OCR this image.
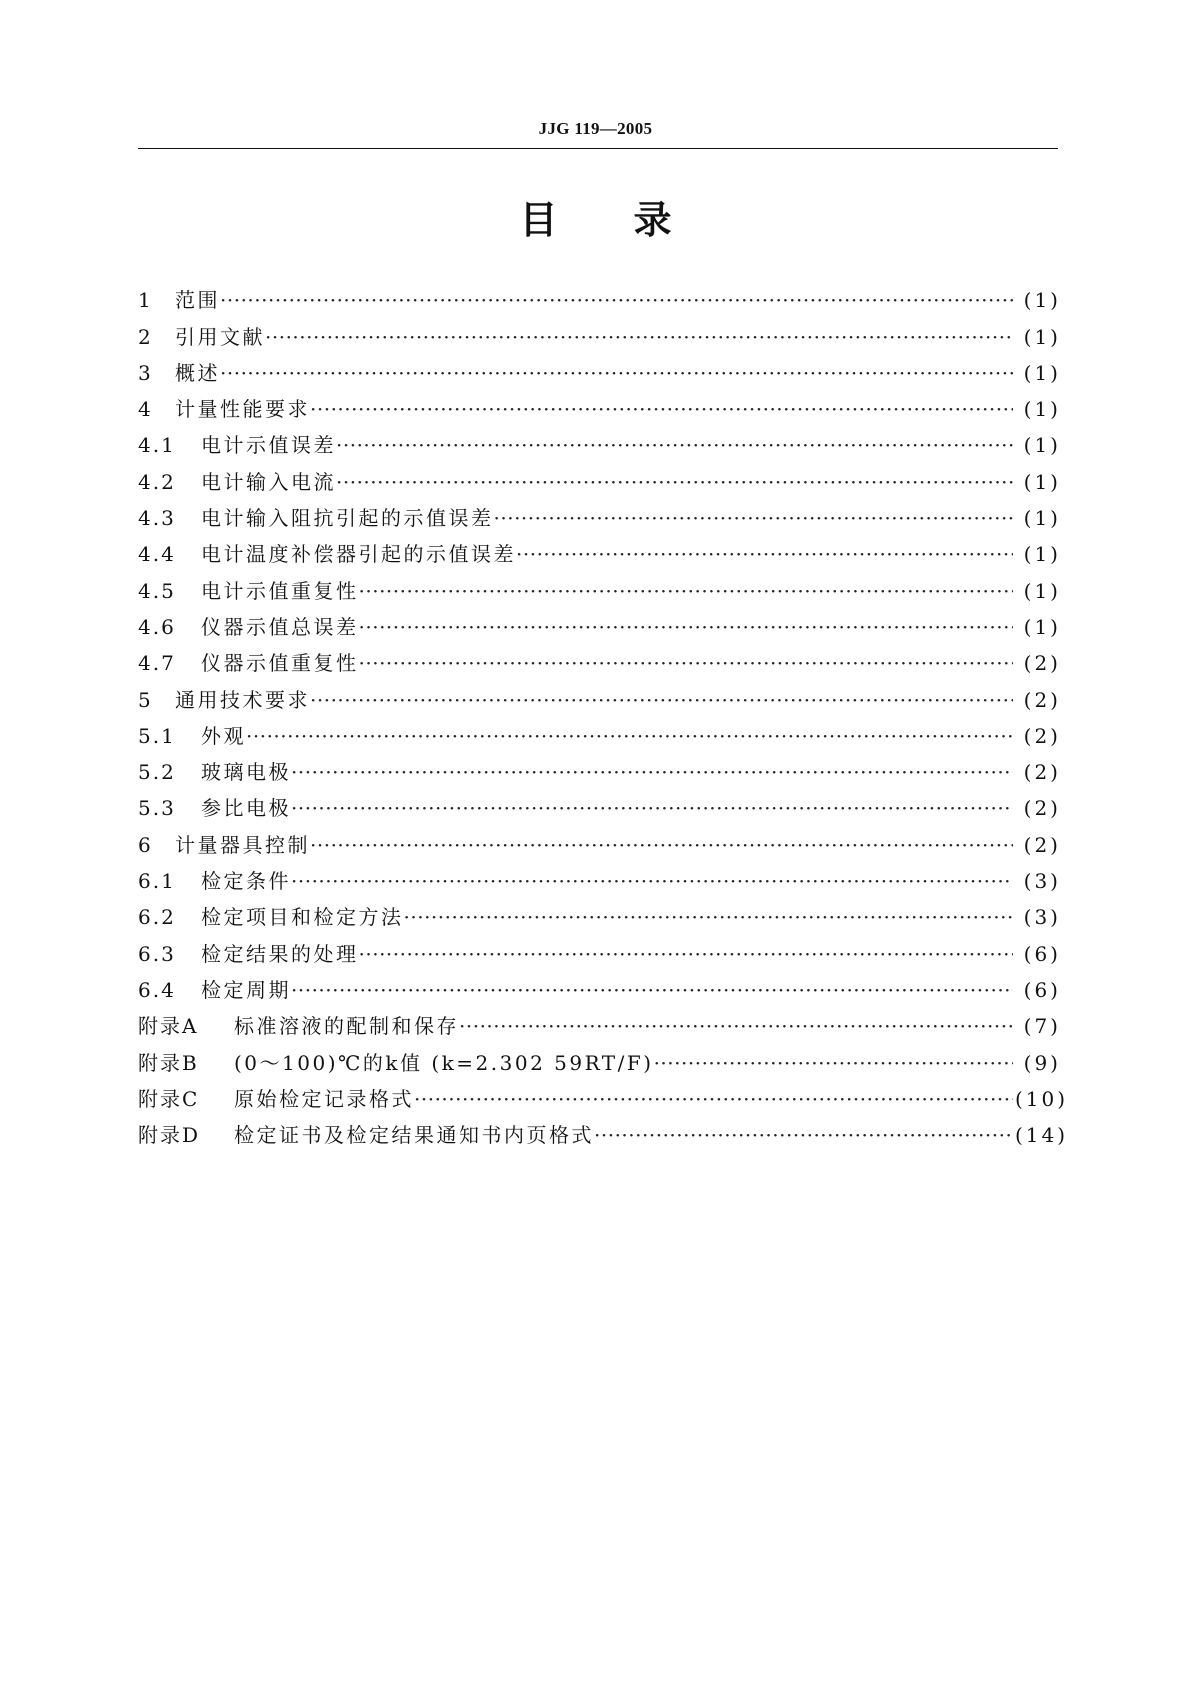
JJG 119—2005
目　　录
1	范围 ·····	(1)
2	引用文献 ·····	(1)
3	概述 ·····	(1)
4	计量性能要求 ·····	(1)
4.1	电计示值误差 ·····	(1)
4.2	电计输入电流 ·····	(1)
4.3	电计输入阻抗引起的示值误差 ·····	(1)
4.4	电计温度补偿器引起的示值误差 ·····	(1)
4.5	电计示值重复性 ·····	(1)
4.6	仪器示值总误差 ·····	(1)
4.7	仪器示值重复性 ·····	(2)
5	通用技术要求 ·····	(2)
5.1	外观 ·····	(2)
5.2	玻璃电极 ·····	(2)
5.3	参比电极 ·····	(2)
6	计量器具控制 ·····	(2)
6.1	检定条件 ·····	(3)
6.2	检定项目和检定方法 ·····	(3)
6.3	检定结果的处理 ·····	(6)
6.4	检定周期 ·····	(6)
附录A	标准溶液的配制和保存 ·····	(7)
附录B	(0～100)℃的k值 (k=2.302 59RT/F) ·····	(9)
附录C	原始检定记录格式 ·····	(10)
附录D	检定证书及检定结果通知书内页格式 ·····	(14)
